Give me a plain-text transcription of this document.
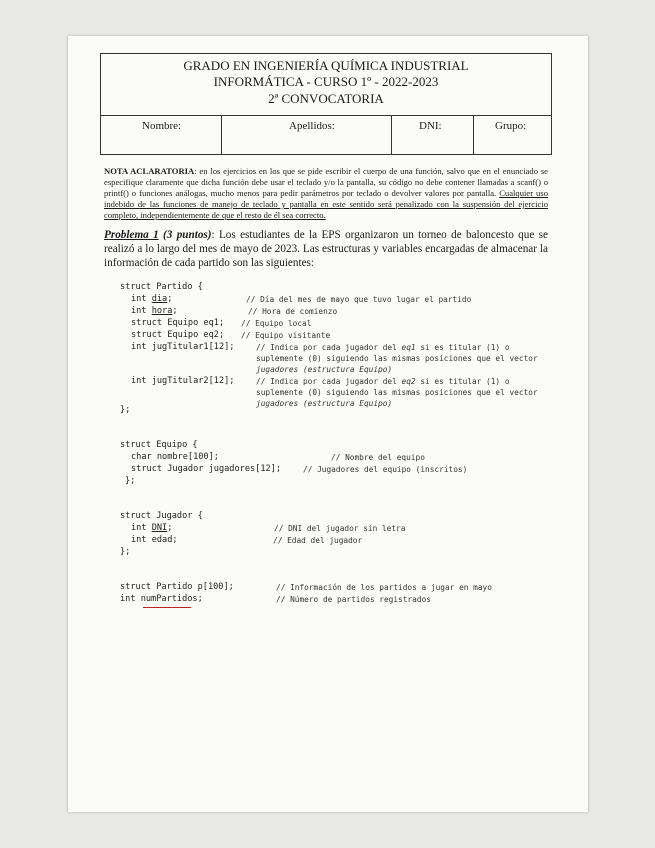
GRADO EN INGENIERÍA QUÍMICA INDUSTRIAL
INFORMÁTICA - CURSO 1º - 2022-2023
2ª CONVOCATORIA
Nombre:	Apellidos:	DNI:	Grupo:
NOTA ACLARATORIA: en los ejercicios en los que se pide escribir el cuerpo de una función, salvo que en el enunciado se especifique claramente que dicha función debe usar el teclado y/o la pantalla, su código no debe contener llamadas a scanf() o printf() o funciones análogas, mucho menos para pedir parámetros por teclado o devolver valores por pantalla. Cualquier uso indebido de las funciones de manejo de teclado y pantalla en este sentido será penalizado con la suspensión del ejercicio completo, independientemente de que el resto de él sea correcto.
Problema 1 (3 puntos): Los estudiantes de la EPS organizaron un torneo de baloncesto que se realizó a lo largo del mes de mayo de 2023. Las estructuras y variables encargadas de almacenar la información de cada partido son las siguientes:
struct Partido {
int dia;	// Día del mes de mayo que tuvo lugar el partido
int hora;	// Hora de comienzo
struct Equipo eq1; // Equipo local
struct Equipo eq2; // Equipo visitante
int jugTitular1[12];	// Indica por cada jugador del eq1 si es titular (1) o
suplemente (0) siguiendo las mismas posiciones que el vector
jugadores (estructura Equipo)
int jugTitular2[12];	// Indica por cada jugador del eq2 si es titular (1) o
suplemente (0) siguiendo las mismas posiciones que el vector
jugadores (estructura Equipo)
};
struct Equipo {
char nombre[100];	// Nombre del equipo
struct Jugador jugadores[12];	// Jugadores del equipo (inscritos)
};
struct Jugador {
int DNI;	// DNI del jugador sin letra
int edad;	// Edad del jugador
};
struct Partido p[100];	// Información de los partidos a jugar en mayo
int numPartidos;	// Número de partidos registrados
